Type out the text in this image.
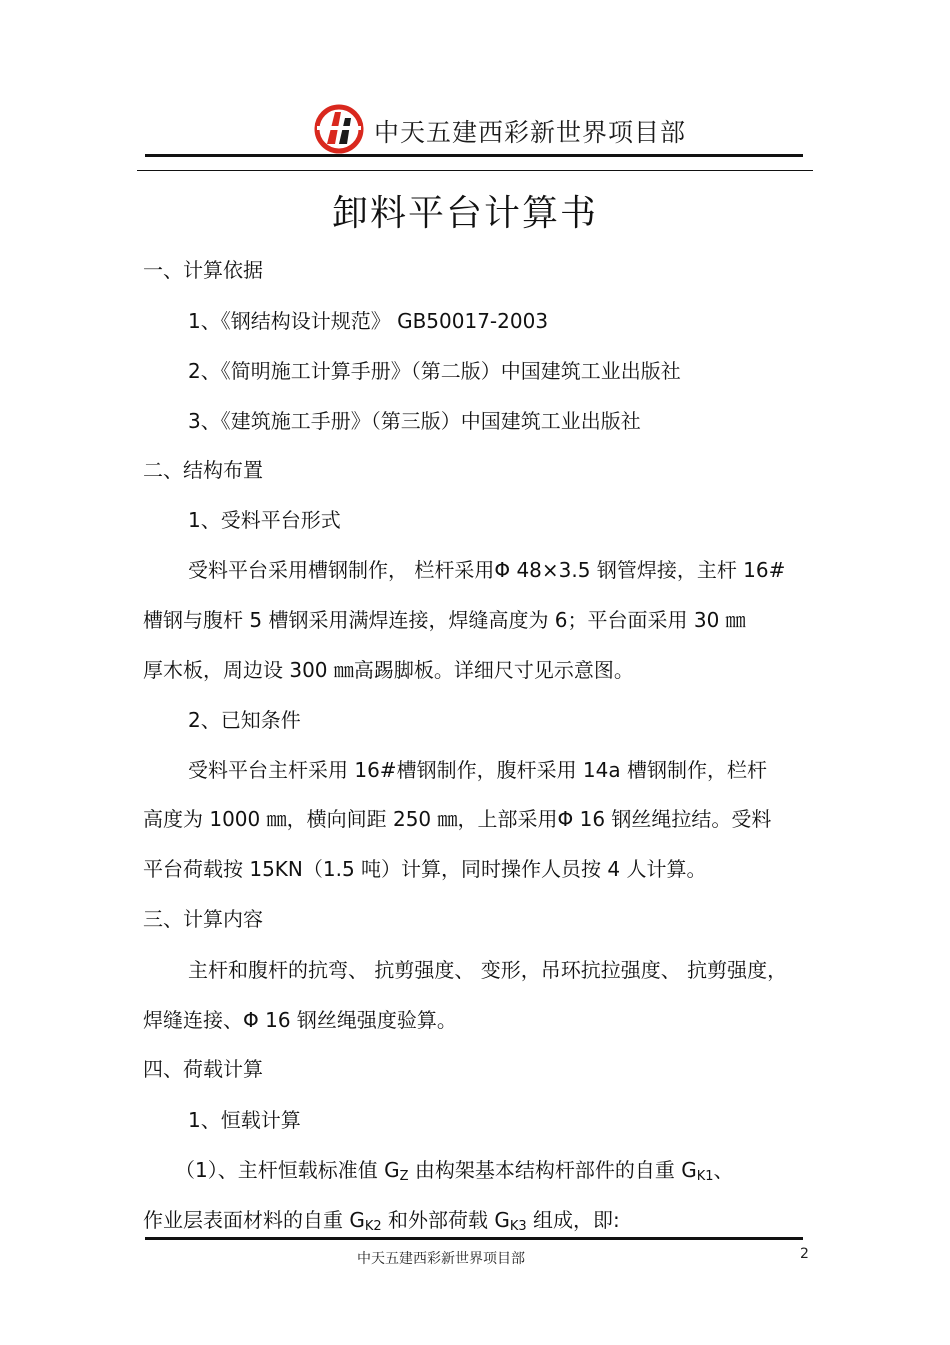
中天五建西彩新世界项目部
卸料平台计算书
一、计算依据
1、《钢结构设计规范》 GB50017-2003
2、《简明施工计算手册》（第二版）中国建筑工业出版社
3、《建筑施工手册》（第三版）中国建筑工业出版社
二、结构布置
1、受料平台形式
受料平台采用槽钢制作， 栏杆采用Φ 48×3.5 钢管焊接，主杆 16#
槽钢与腹杆 5 槽钢采用满焊连接，焊缝高度为 6；平台面采用 30 ㎜
厚木板，周边设 300 ㎜高踢脚板。详细尺寸见示意图。
2、已知条件
受料平台主杆采用 16#槽钢制作，腹杆采用 14a 槽钢制作，栏杆
高度为 1000 ㎜，横向间距 250 ㎜，上部采用Φ 16 钢丝绳拉结。受料
平台荷载按 15KN（1.5 吨）计算，同时操作人员按 4 人计算。
三、计算内容
主杆和腹杆的抗弯、 抗剪强度、 变形，吊环抗拉强度、 抗剪强度，
焊缝连接、Φ 16 钢丝绳强度验算。
四、荷载计算
1、恒载计算
（1）、主杆恒载标准值 $G_Z$ 由构架基本结构杆部件的自重 $G_{K1}$、
作业层表面材料的自重 $G_{K2}$ 和外部荷载 $G_{K3}$ 组成，即:
中天五建西彩新世界项目部	2
